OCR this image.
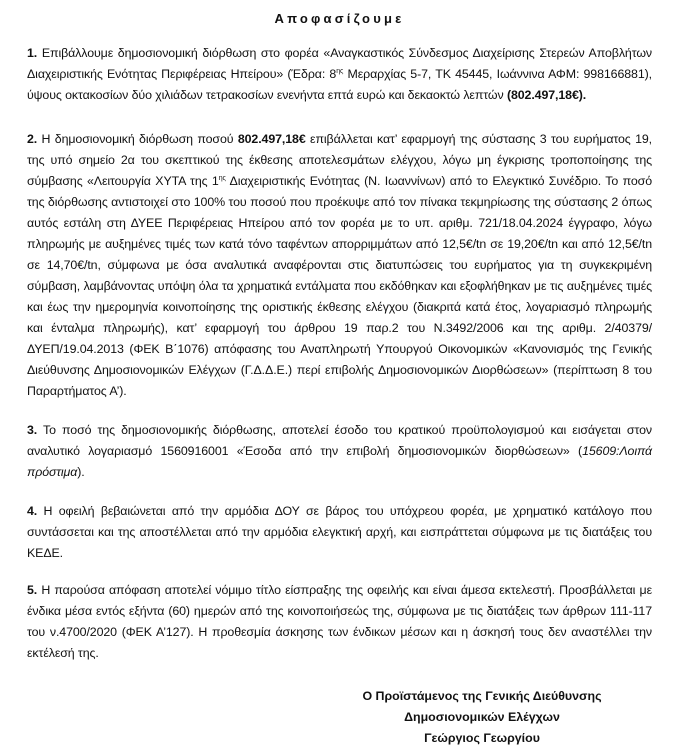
Αποφασίζουμε

1. Επιβάλλουμε δημοσιονομική διόρθωση στο φορέα «Αναγκαστικός Σύνδεσμος Διαχείρισης Στερεών Αποβλήτων Διαχειριστικής Ενότητας Περιφέρειας Ηπείρου» (Έδρα: $8^{\eta\varsigma}$ Μεραρχίας 5-7, ΤΚ 45445, Ιωάννινα ΑΦΜ: 998166881), ύψους οκτακοσίων δύο χιλιάδων τετρακοσίων ενενήντα επτά ευρώ και δεκαοκτώ λεπτών (802.497,18€).

2. Η δημοσιονομική διόρθωση ποσού 802.497,18€ επιβάλλεται κατ’ εφαρμογή της σύστασης 3 του ευρήματος 19, της υπό σημείο 2α του σκεπτικού της έκθεσης αποτελεσμάτων ελέγχου, λόγω μη έγκρισης τροποποίησης της σύμβασης «Λειτουργία ΧΥΤΑ της $1^{\eta\varsigma}$ Διαχειριστικής Ενότητας (Ν. Ιωαννίνων) από το Ελεγκτικό Συνέδριο. Το ποσό της διόρθωσης αντιστοιχεί στο 100% του ποσού που προέκυψε από τον πίνακα τεκμηρίωσης της σύστασης 2 όπως αυτός εστάλη στη ΔΥΕΕ Περιφέρειας Ηπείρου από τον φορέα με το υπ. αριθμ. 721/18.04.2024 έγγραφο, λόγω πληρωμής με αυξημένες τιμές των κατά τόνο ταφέντων απορριμμάτων από 12,5€/tn σε 19,20€/tn και από 12,5€/tn σε 14,70€/tn, σύμφωνα με όσα αναλυτικά αναφέρονται στις διατυπώσεις του ευρήματος για τη συγκεκριμένη σύμβαση, λαμβάνοντας υπόψη όλα τα χρηματικά εντάλματα που εκδόθηκαν και εξοφλήθηκαν με τις αυξημένες τιμές και έως την ημερομηνία κοινοποίησης της οριστικής έκθεσης ελέγχου (διακριτά κατά έτος, λογαριασμό πληρωμής και ένταλμα πληρωμής), κατ’ εφαρμογή του άρθρου 19 παρ.2 του Ν.3492/2006 και της αριθμ. 2/40379/ΔΥΕΠ/19.04.2013 (ΦΕΚ Β΄1076) απόφασης του Αναπληρωτή Υπουργού Οικονομικών «Κανονισμός της Γενικής Διεύθυνσης Δημοσιονομικών Ελέγχων (Γ.Δ.Δ.Ε.) περί επιβολής Δημοσιονομικών Διορθώσεων» (περίπτωση 8 του Παραρτήματος Α’).

3. Το ποσό της δημοσιονομικής διόρθωσης, αποτελεί έσοδο του κρατικού προϋπολογισμού και εισάγεται στον αναλυτικό λογαριασμό 1560916001 «Έσοδα από την επιβολή δημοσιονομικών διορθώσεων» (15609:Λοιπά πρόστιμα).

4. Η οφειλή βεβαιώνεται από την αρμόδια ΔΟΥ σε βάρος του υπόχρεου φορέα, με χρηματικό κατάλογο που συντάσσεται και της αποστέλλεται από την αρμόδια ελεγκτική αρχή, και εισπράττεται σύμφωνα με τις διατάξεις του ΚΕΔΕ.

5. Η παρούσα απόφαση αποτελεί νόμιμο τίτλο είσπραξης της οφειλής και είναι άμεσα εκτελεστή. Προσβάλλεται με ένδικα μέσα εντός εξήντα (60) ημερών από της κοινοποιήσεώς της, σύμφωνα με τις διατάξεις των άρθρων 111-117 του ν.4700/2020 (ΦΕΚ Α’127). Η προθεσμία άσκησης των ένδικων μέσων και η άσκησή τους δεν αναστέλλει την εκτέλεσή της.

Ο Προϊστάμενος της Γενικής Διεύθυνσης
Δημοσιονομικών Ελέγχων
Γεώργιος Γεωργίου
